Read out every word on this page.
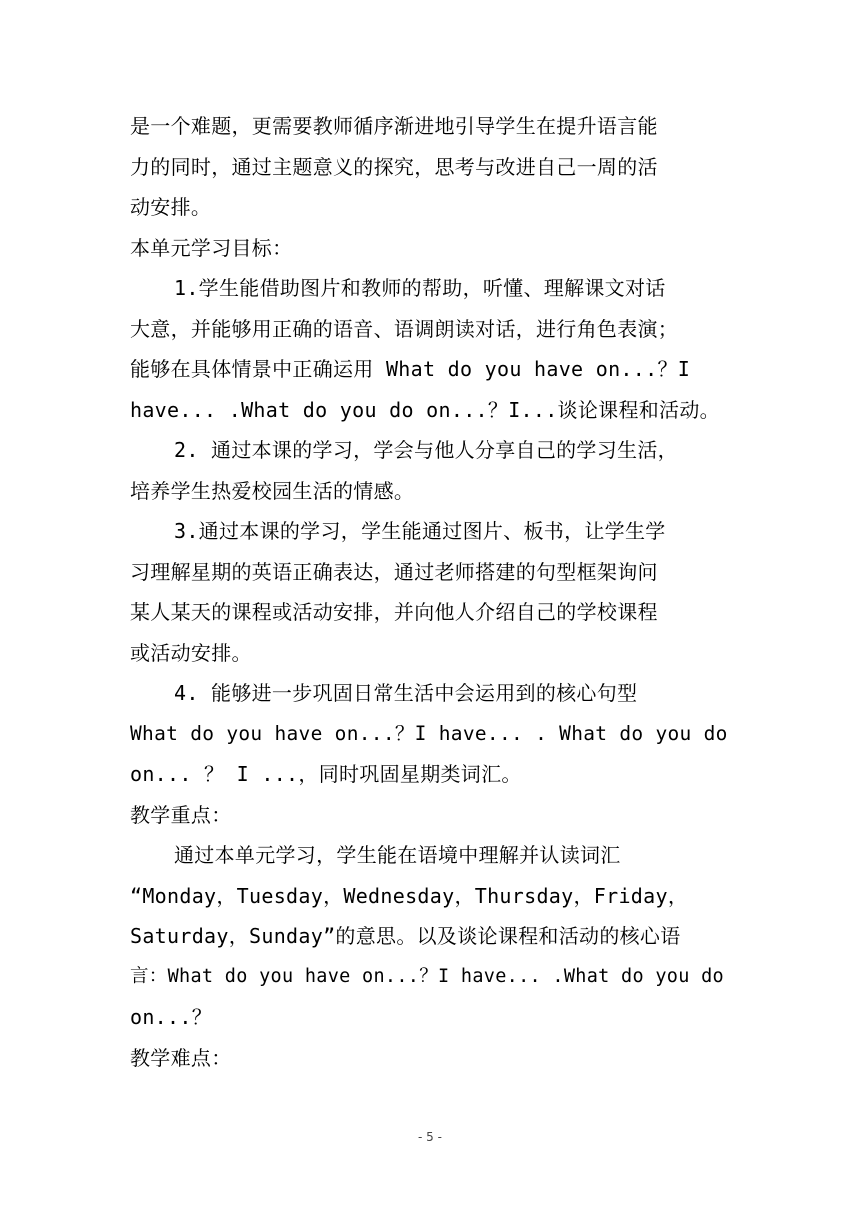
是一个难题，更需要教师循序渐进地引导学生在提升语言能
力的同时，通过主题意义的探究，思考与改进自己一周的活
动安排。
本单元学习目标：
1.学生能借助图片和教师的帮助，听懂、理解课文对话
大意，并能够用正确的语音、语调朗读对话，进行角色表演；
能够在具体情景中正确运用 What do you have on...？I
have... .What do you do on...？I...谈论课程和活动。
2. 通过本课的学习，学会与他人分享自己的学习生活，
培养学生热爱校园生活的情感。
3.通过本课的学习，学生能通过图片、板书，让学生学
习理解星期的英语正确表达，通过老师搭建的句型框架询问
某人某天的课程或活动安排，并向他人介绍自己的学校课程
或活动安排。
4. 能够进一步巩固日常生活中会运用到的核心句型
What do you have on...？I have... . What do you do
on... ？ I ...，同时巩固星期类词汇。
教学重点：
通过本单元学习，学生能在语境中理解并认读词汇
“Monday，Tuesday，Wednesday，Thursday，Friday，
Saturday，Sunday”的意思。以及谈论课程和活动的核心语
言：What do you have on...？I have... .What do you do
on...？
教学难点：
- 5 -
